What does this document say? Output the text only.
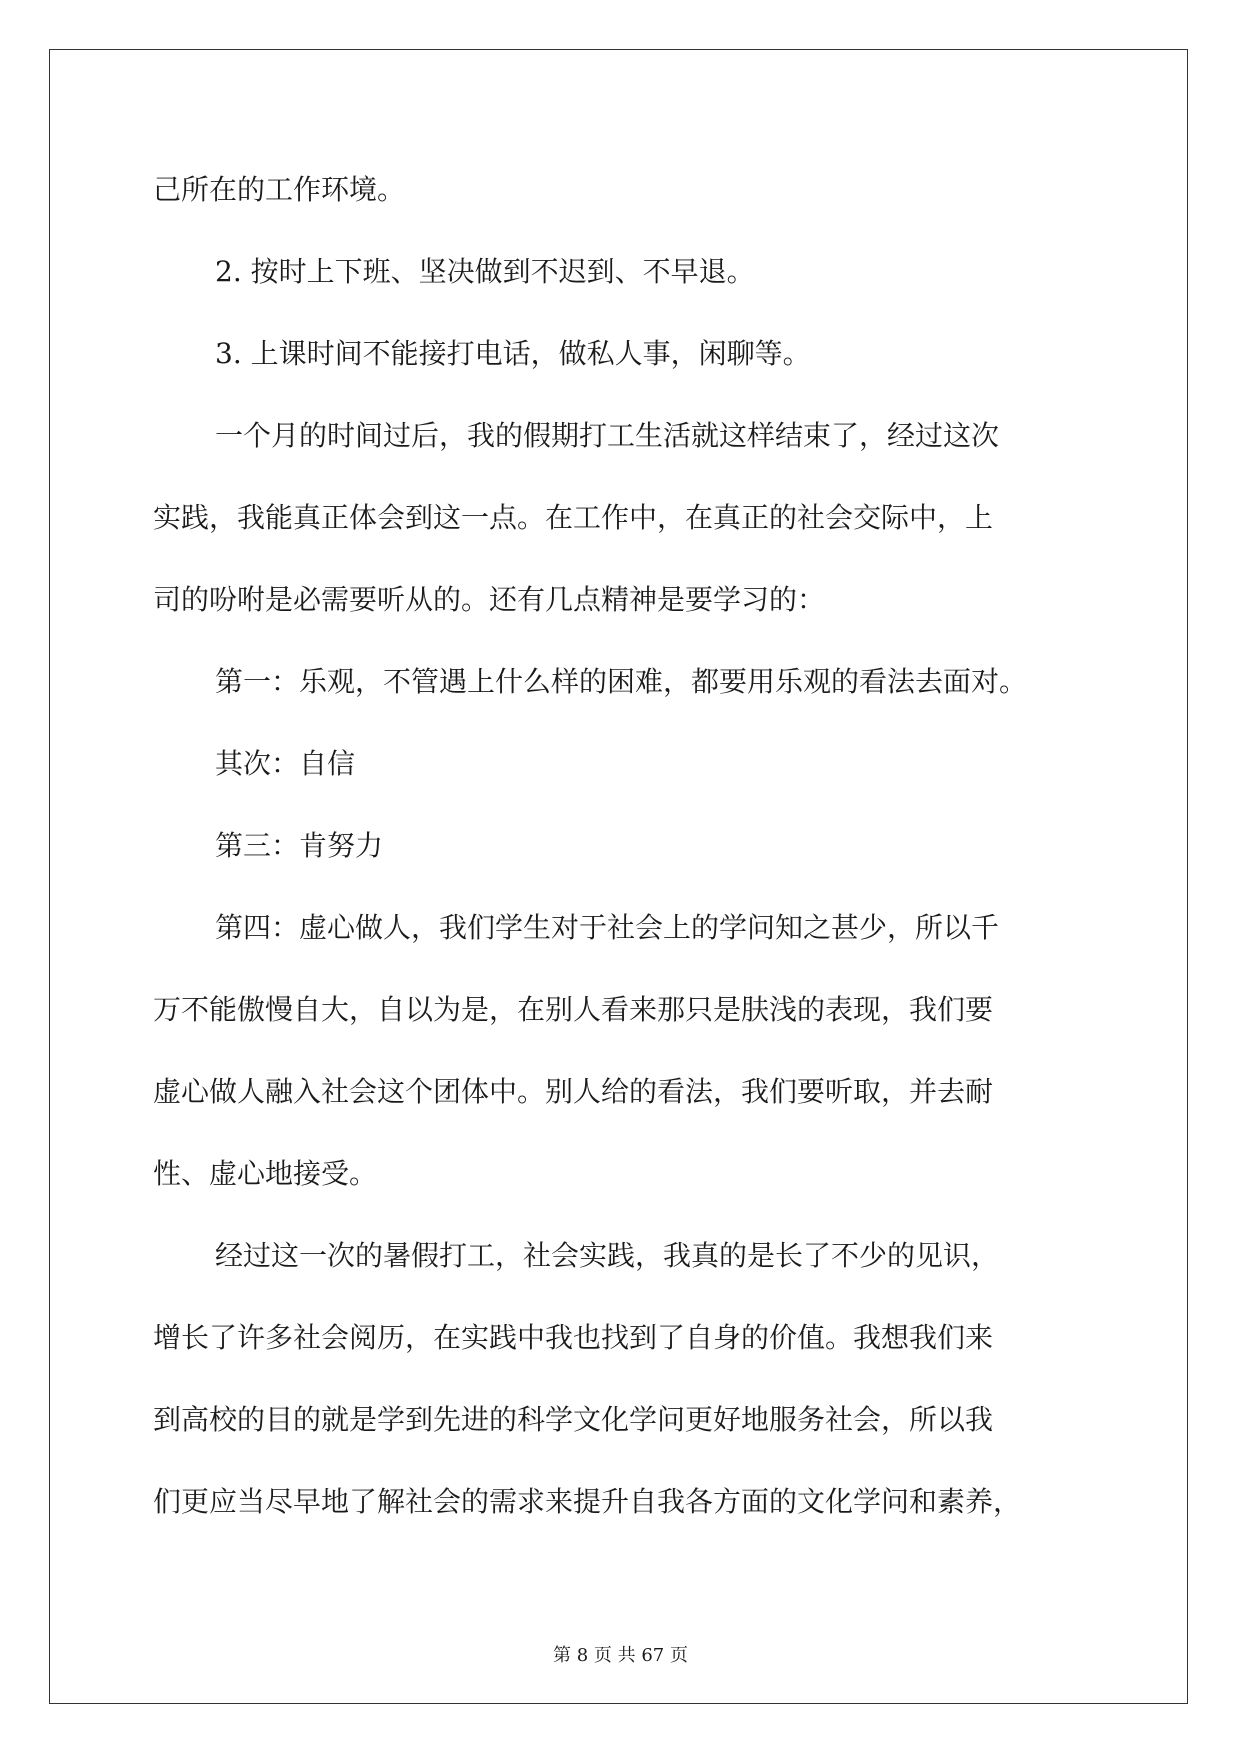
己所在的工作环境。
2. 按时上下班、坚决做到不迟到、不早退。
3. 上课时间不能接打电话，做私人事，闲聊等。
一个月的时间过后，我的假期打工生活就这样结束了，经过这次
实践，我能真正体会到这一点。在工作中，在真正的社会交际中，上
司的吩咐是必需要听从的。还有几点精神是要学习的：
第一：乐观，不管遇上什么样的困难，都要用乐观的看法去面对。
其次：自信
第三：肯努力
第四：虚心做人，我们学生对于社会上的学问知之甚少，所以千
万不能傲慢自大，自以为是，在别人看来那只是肤浅的表现，我们要
虚心做人融入社会这个团体中。别人给的看法，我们要听取，并去耐
性、虚心地接受。
经过这一次的暑假打工，社会实践，我真的是长了不少的见识，
增长了许多社会阅历，在实践中我也找到了自身的价值。我想我们来
到高校的目的就是学到先进的科学文化学问更好地服务社会，所以我
们更应当尽早地了解社会的需求来提升自我各方面的文化学问和素养，
第 8 页 共 67 页
